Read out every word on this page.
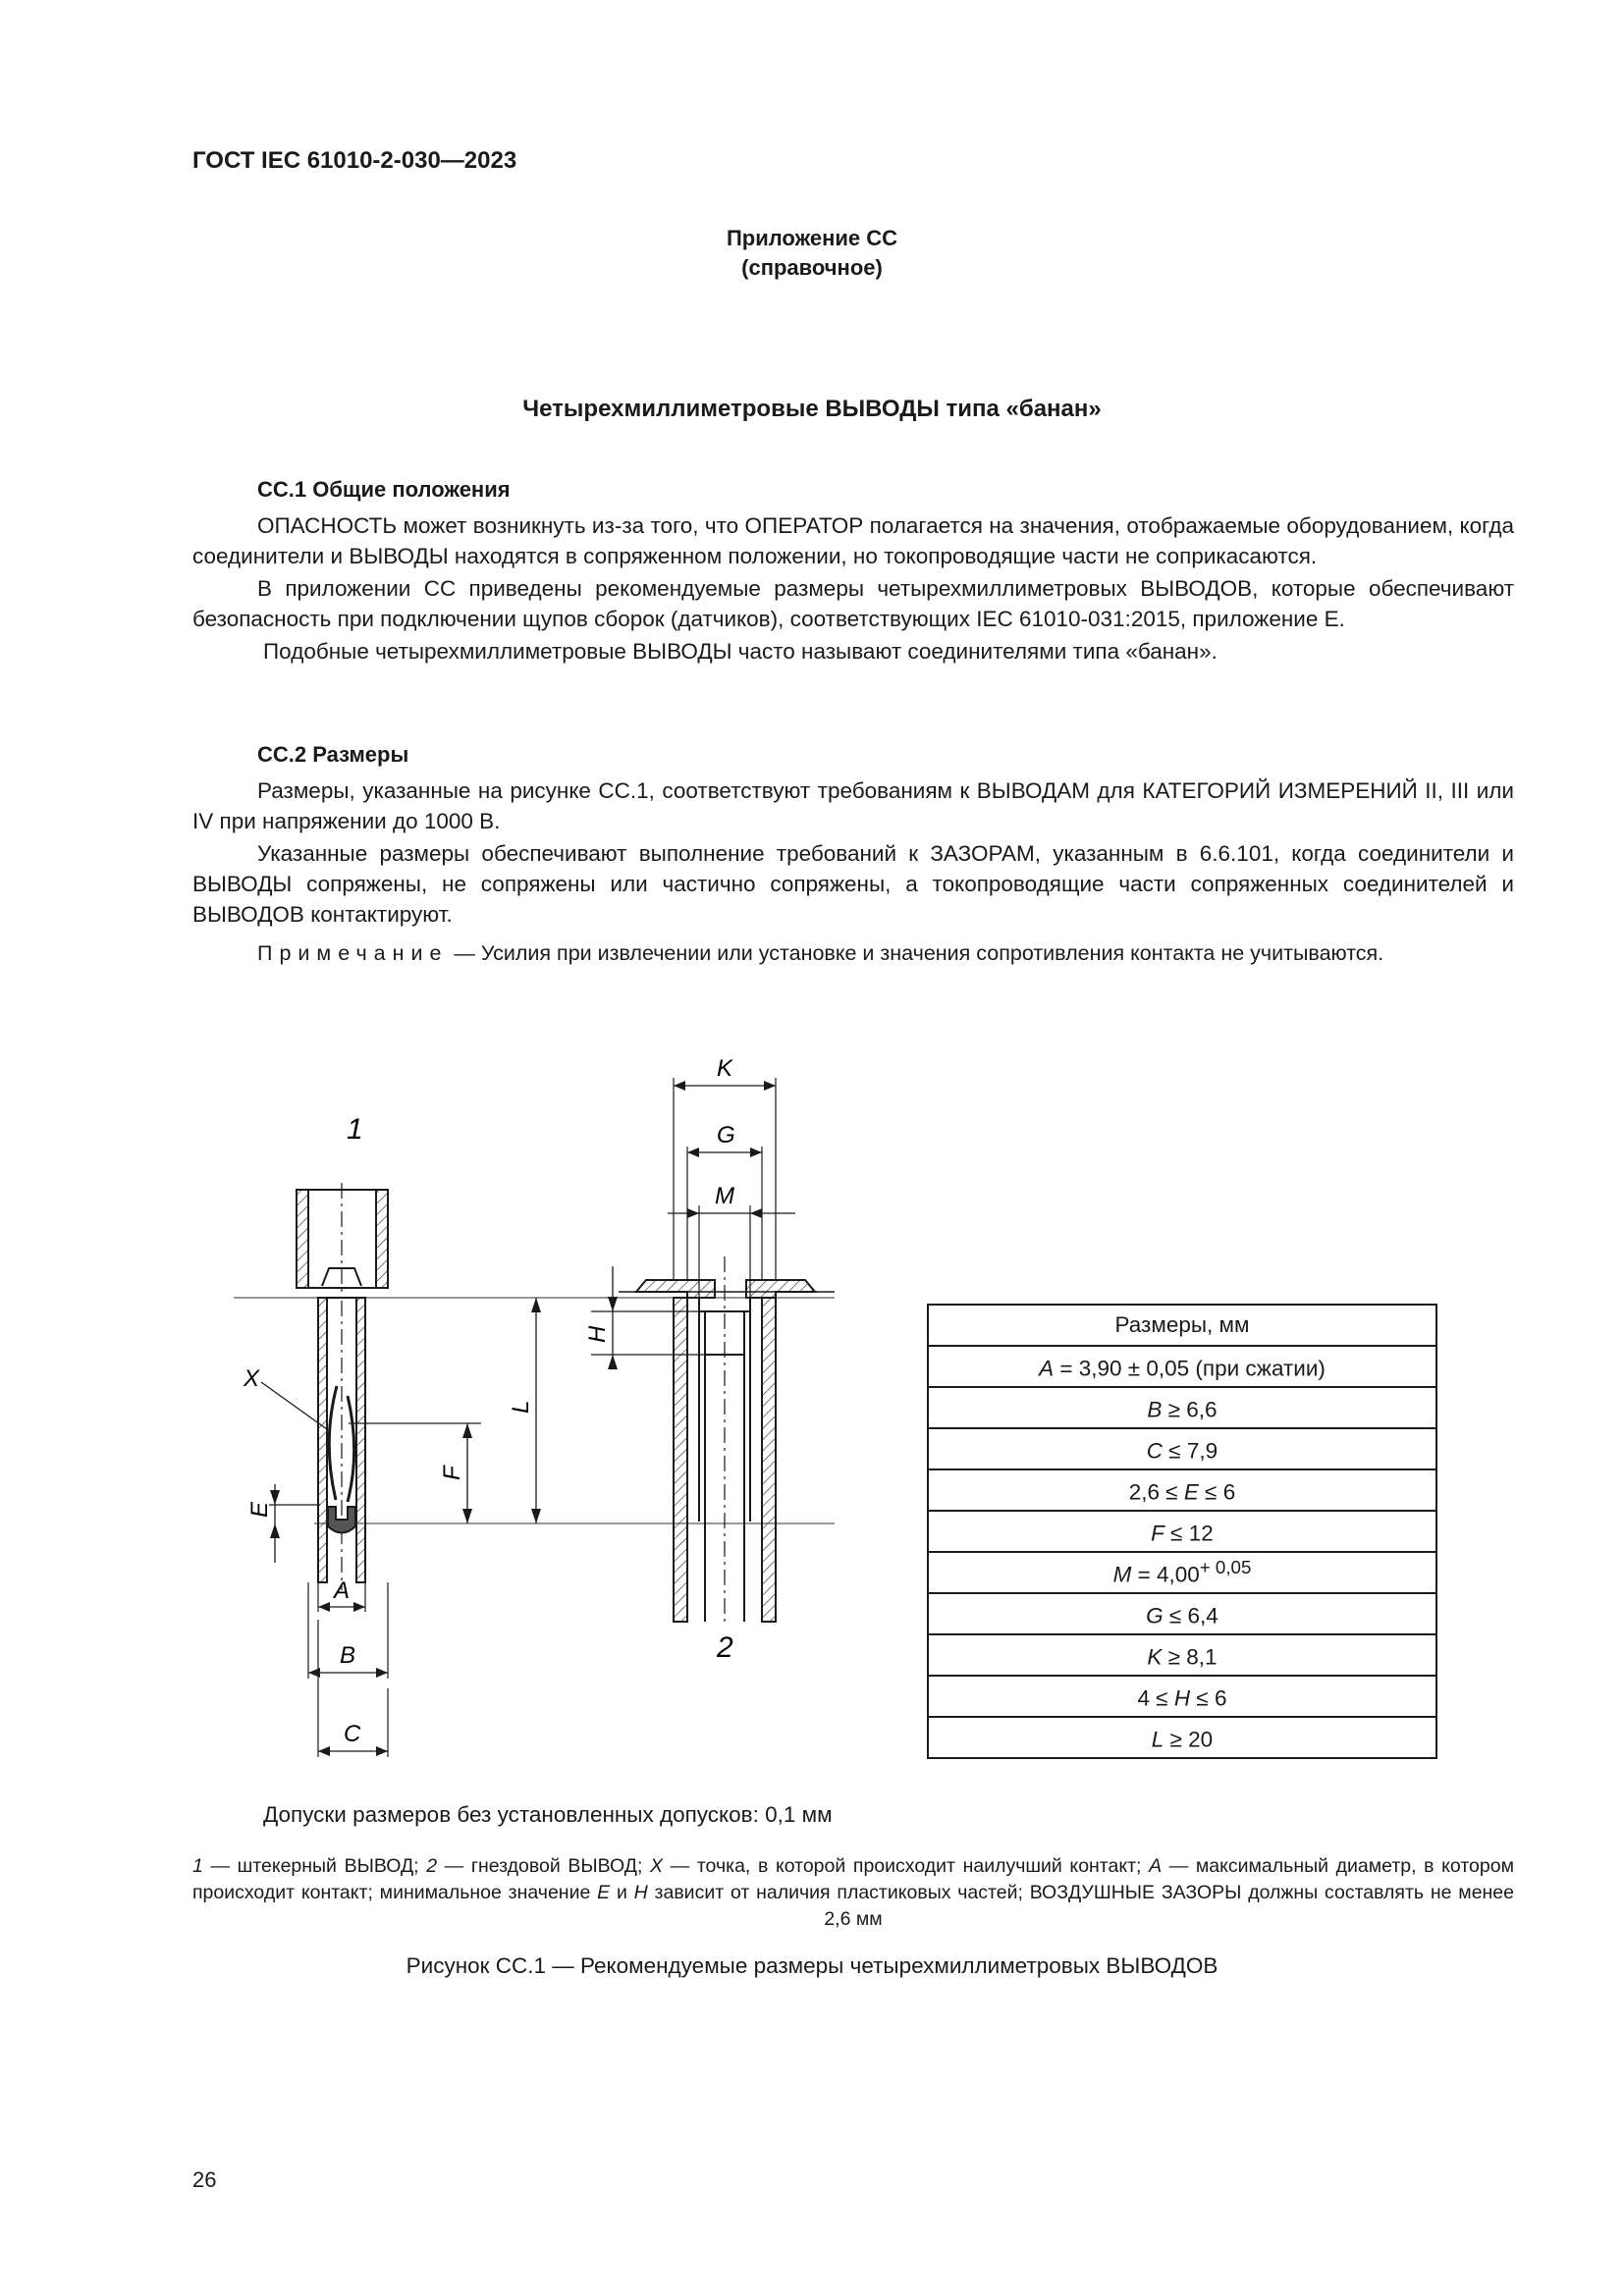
ГОСТ IEC 61010-2-030—2023
Приложение CC
(справочное)
Четырехмиллиметровые ВЫВОДЫ типа «банан»
CC.1 Общие положения

ОПАСНОСТЬ может возникнуть из-за того, что ОПЕРАТОР полагается на значения, отображаемые оборудованием, когда соединители и ВЫВОДЫ находятся в сопряженном положении, но токопроводящие части не соприкасаются.

В приложении CC приведены рекомендуемые размеры четырехмиллиметровых ВЫВОДОВ, которые обеспечивают безопасность при подключении щупов сборок (датчиков), соответствующих IEC 61010-031:2015, приложение E.

Подобные четырехмиллиметровые ВЫВОДЫ часто называют соединителями типа «банан».

CC.2 Размеры

Размеры, указанные на рисунке CC.1, соответствуют требованиям к ВЫВОДАМ для КАТЕГОРИЙ ИЗМЕРЕНИЙ II, III или IV при напряжении до 1000 В.

Указанные размеры обеспечивают выполнение требований к ЗАЗОРАМ, указанным в 6.6.101, когда соединители и ВЫВОДЫ сопряжены, не сопряжены или частично сопряжены, а токопроводящие части сопряженных соединителей и ВЫВОДОВ контактируют.

Примечание — Усилия при извлечении или установке и значения сопротивления контакта не учитываются.

1
2
X
E
F
L
A
B
C
K
G
M
H	Размеры, мм
A = 3,90 ± 0,05 (при сжатии)
B ≥ 6,6
C ≤ 7,9
2,6 ≤ E ≤ 6
F ≤ 12
$M = 4,00^{+ 0,05}$
G ≤ 6,4
K ≥ 8,1
4 ≤ H ≤ 6
L ≥ 20
Допуски размеров без установленных допусков: 0,1 мм
1 — штекерный ВЫВОД; 2 — гнездовой ВЫВОД; X — точка, в которой происходит наилучший контакт; A — максимальный диаметр, в котором происходит контакт; минимальное значение E и H зависит от наличия пластиковых частей; ВОЗДУШНЫЕ ЗАЗОРЫ должны составлять не менее 2,6 мм
Рисунок CC.1 — Рекомендуемые размеры четырехмиллиметровых ВЫВОДОВ
26
